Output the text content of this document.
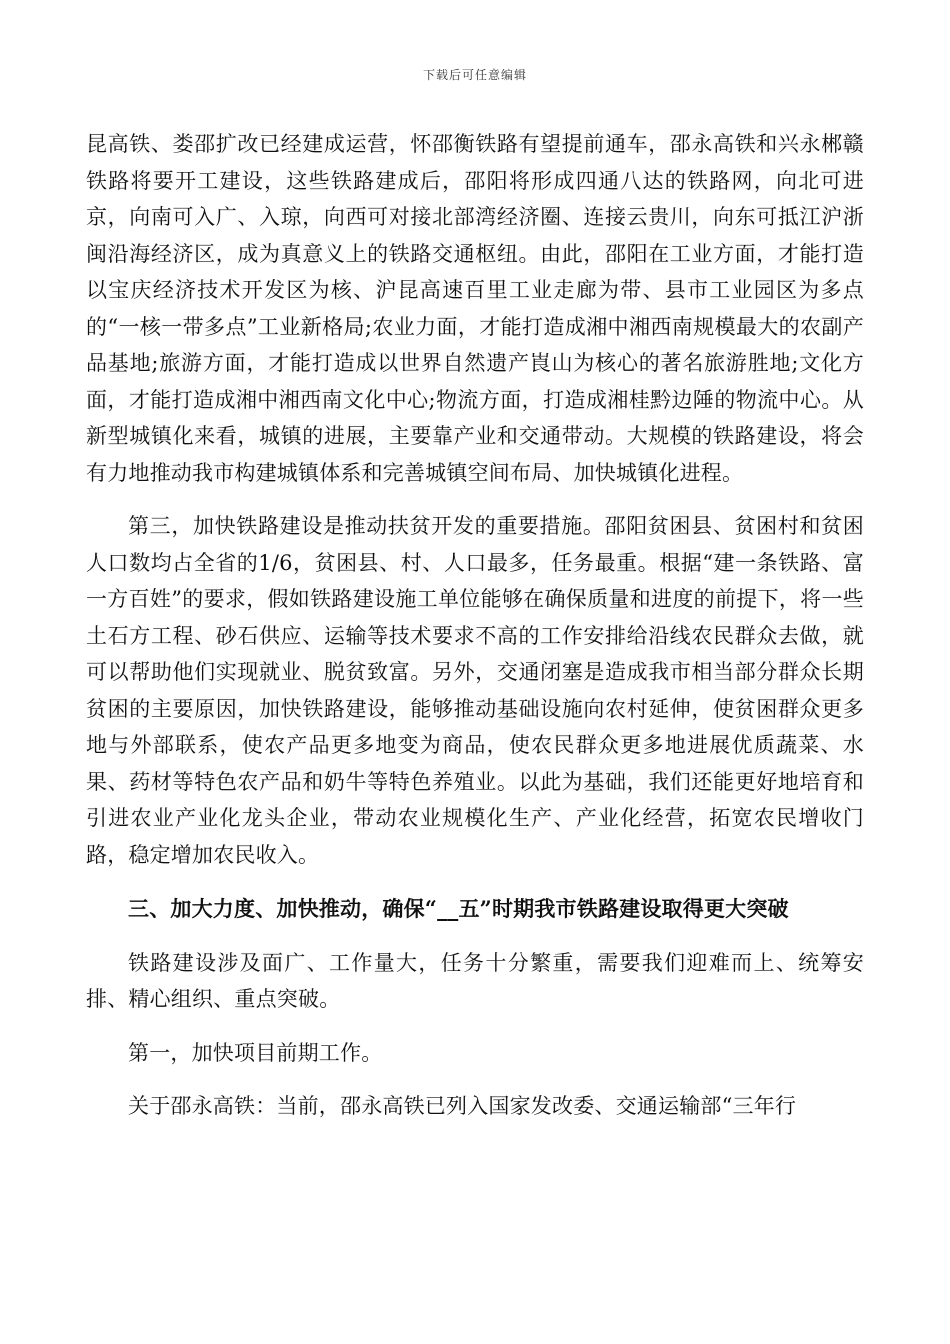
下载后可任意编辑

昆高铁、娄邵扩改已经建成运营，怀邵衡铁路有望提前通车，邵永高铁和兴永郴赣铁路将要开工建设，这些铁路建成后，邵阳将形成四通八达的铁路网，向北可进京，向南可入广、入琼，向西可对接北部湾经济圈、连接云贵川，向东可抵江沪浙闽沿海经济区，成为真意义上的铁路交通枢纽。由此，邵阳在工业方面，才能打造以宝庆经济技术开发区为核、沪昆高速百里工业走廊为带、县市工业园区为多点的“一核一带多点”工业新格局;农业力面，才能打造成湘中湘西南规模最大的农副产品基地;旅游方面，才能打造成以世界自然遗产崀山为核心的著名旅游胜地;文化方面，才能打造成湘中湘西南文化中心;物流方面，打造成湘桂黔边陲的物流中心。从新型城镇化来看，城镇的进展，主要靠产业和交通带动。大规模的铁路建设，将会有力地推动我市构建城镇体系和完善城镇空间布局、加快城镇化进程。

第三，加快铁路建设是推动扶贫开发的重要措施。邵阳贫困县、贫困村和贫困人口数均占全省的1/6，贫困县、村、人口最多，任务最重。根据“建一条铁路、富一方百姓”的要求，假如铁路建设施工单位能够在确保质量和进度的前提下，将一些土石方工程、砂石供应、运输等技术要求不高的工作安排给沿线农民群众去做，就可以帮助他们实现就业、脱贫致富。另外，交通闭塞是造成我市相当部分群众长期贫困的主要原因，加快铁路建设，能够推动基础设施向农村延伸，使贫困群众更多地与外部联系，使农产品更多地变为商品，使农民群众更多地进展优质蔬菜、水果、药材等特色农产品和奶牛等特色养殖业。以此为基础，我们还能更好地培育和引进农业产业化龙头企业，带动农业规模化生产、产业化经营，拓宽农民增收门路，稳定增加农民收入。

三、加大力度、加快推动，确保“__五”时期我市铁路建设取得更大突破

铁路建设涉及面广、工作量大，任务十分繁重，需要我们迎难而上、统筹安排、精心组织、重点突破。

第一，加快项目前期工作。

关于邵永高铁：当前，邵永高铁已列入国家发改委、交通运输部“三年行
